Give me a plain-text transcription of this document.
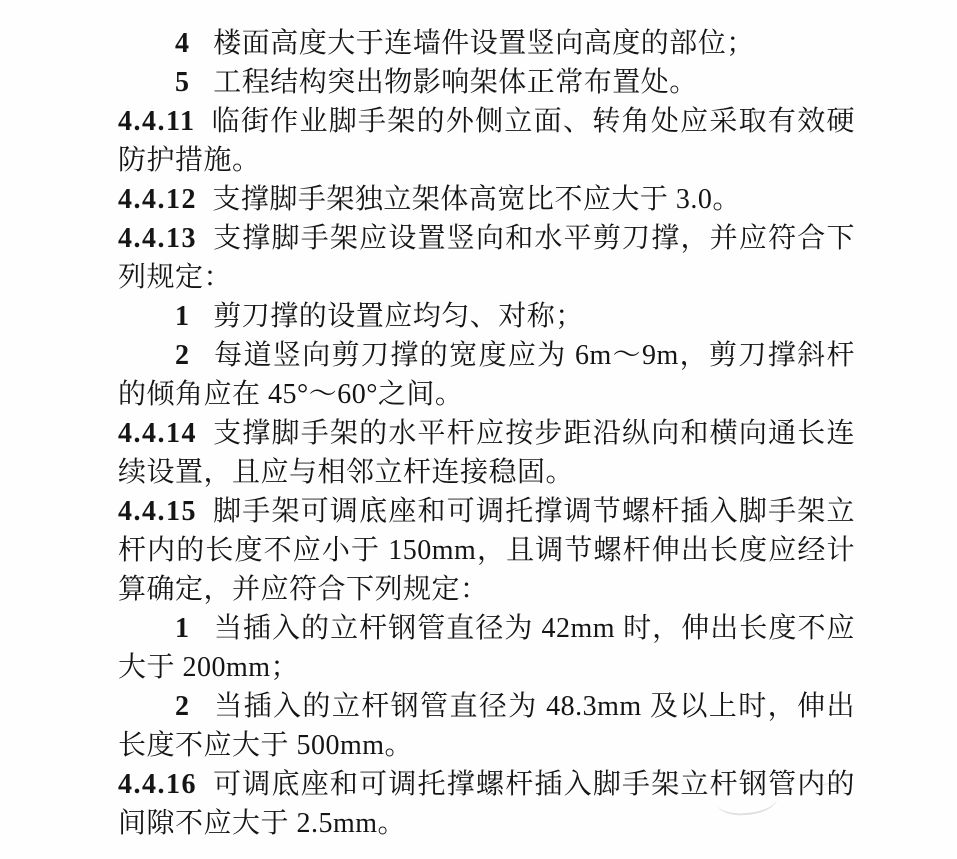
4 楼面高度大于连墙件设置竖向高度的部位；

5 工程结构突出物影响架体正常布置处。

4.4.11 临街作业脚手架的外侧立面、转角处应采取有效硬防护措施。

4.4.12 支撑脚手架独立架体高宽比不应大于 3.0。

4.4.13 支撑脚手架应设置竖向和水平剪刀撑，并应符合下列规定：

1 剪刀撑的设置应均匀、对称；

2 每道竖向剪刀撑的宽度应为 6m～9m，剪刀撑斜杆的倾角应在 45°～60°之间。

4.4.14 支撑脚手架的水平杆应按步距沿纵向和横向通长连续设置，且应与相邻立杆连接稳固。

4.4.15 脚手架可调底座和可调托撑调节螺杆插入脚手架立杆内的长度不应小于 150mm，且调节螺杆伸出长度应经计算确定，并应符合下列规定：

1 当插入的立杆钢管直径为 42mm 时，伸出长度不应大于 200mm；

2 当插入的立杆钢管直径为 48.3mm 及以上时，伸出长度不应大于 500mm。

4.4.16 可调底座和可调托撑螺杆插入脚手架立杆钢管内的间隙不应大于 2.5mm。
